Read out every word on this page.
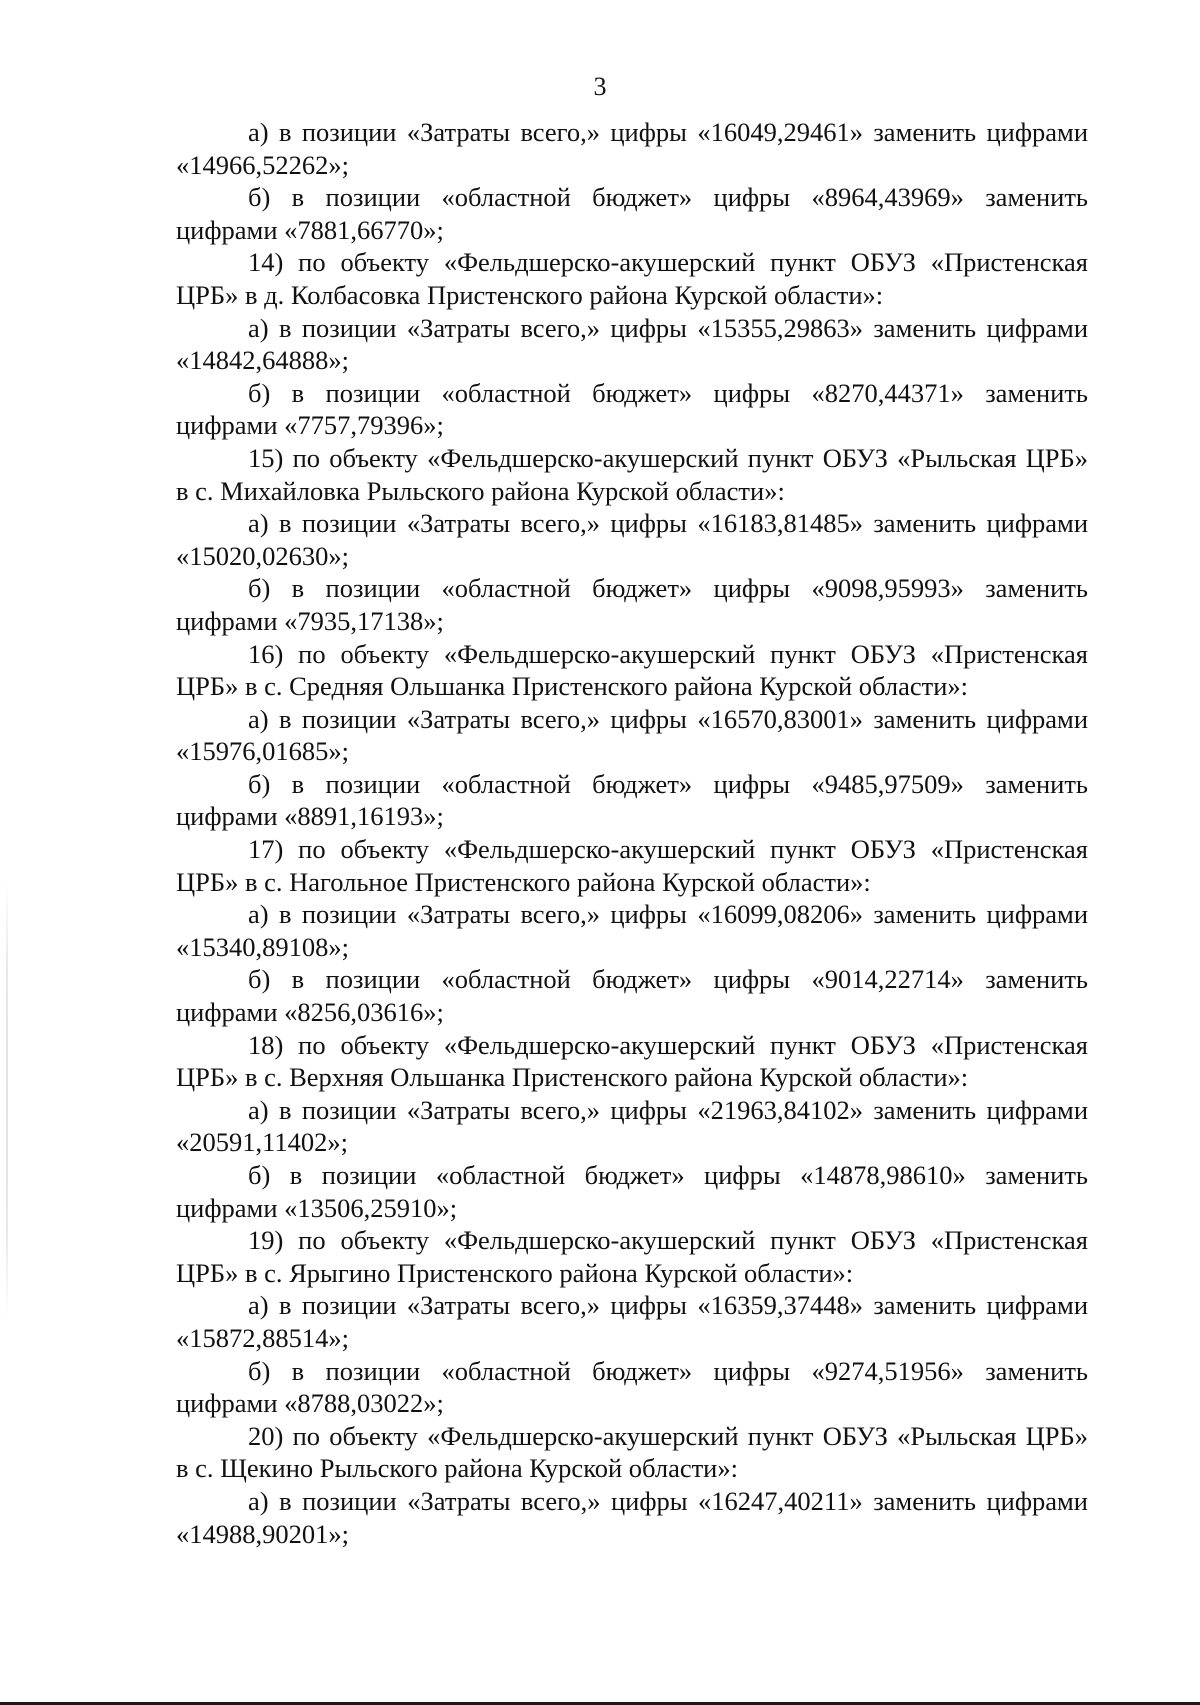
3

а) в позиции «Затраты всего,» цифры «16049,29461» заменить цифрами «14966,52262»;

б) в позиции «областной бюджет» цифры «8964,43969» заменить цифрами «7881,66770»;

14) по объекту «Фельдшерско-акушерский пункт ОБУЗ «Пристенская ЦРБ» в д. Колбасовка Пристенского района Курской области»:

а) в позиции «Затраты всего,» цифры «15355,29863» заменить цифрами «14842,64888»;

б) в позиции «областной бюджет» цифры «8270,44371» заменить цифрами «7757,79396»;

15) по объекту «Фельдшерско-акушерский пункт ОБУЗ «Рыльская ЦРБ» в с. Михайловка Рыльского района Курской области»:

а) в позиции «Затраты всего,» цифры «16183,81485» заменить цифрами «15020,02630»;

б) в позиции «областной бюджет» цифры «9098,95993» заменить цифрами «7935,17138»;

16) по объекту «Фельдшерско-акушерский пункт ОБУЗ «Пристенская ЦРБ» в с. Средняя Ольшанка Пристенского района Курской области»:

а) в позиции «Затраты всего,» цифры «16570,83001» заменить цифрами «15976,01685»;

б) в позиции «областной бюджет» цифры «9485,97509» заменить цифрами «8891,16193»;

17) по объекту «Фельдшерско-акушерский пункт ОБУЗ «Пристенская ЦРБ» в с. Нагольное Пристенского района Курской области»:

а) в позиции «Затраты всего,» цифры «16099,08206» заменить цифрами «15340,89108»;

б) в позиции «областной бюджет» цифры «9014,22714» заменить цифрами «8256,03616»;

18) по объекту «Фельдшерско-акушерский пункт ОБУЗ «Пристенская ЦРБ» в с. Верхняя Ольшанка Пристенского района Курской области»:

а) в позиции «Затраты всего,» цифры «21963,84102» заменить цифрами «20591,11402»;

б) в позиции «областной бюджет» цифры «14878,98610» заменить цифрами «13506,25910»;

19) по объекту «Фельдшерско-акушерский пункт ОБУЗ «Пристенская ЦРБ» в с. Ярыгино Пристенского района Курской области»:

а) в позиции «Затраты всего,» цифры «16359,37448» заменить цифрами «15872,88514»;

б) в позиции «областной бюджет» цифры «9274,51956» заменить цифрами «8788,03022»;

20) по объекту «Фельдшерско-акушерский пункт ОБУЗ «Рыльская ЦРБ» в с. Щекино Рыльского района Курской области»:

а) в позиции «Затраты всего,» цифры «16247,40211» заменить цифрами «14988,90201»;
